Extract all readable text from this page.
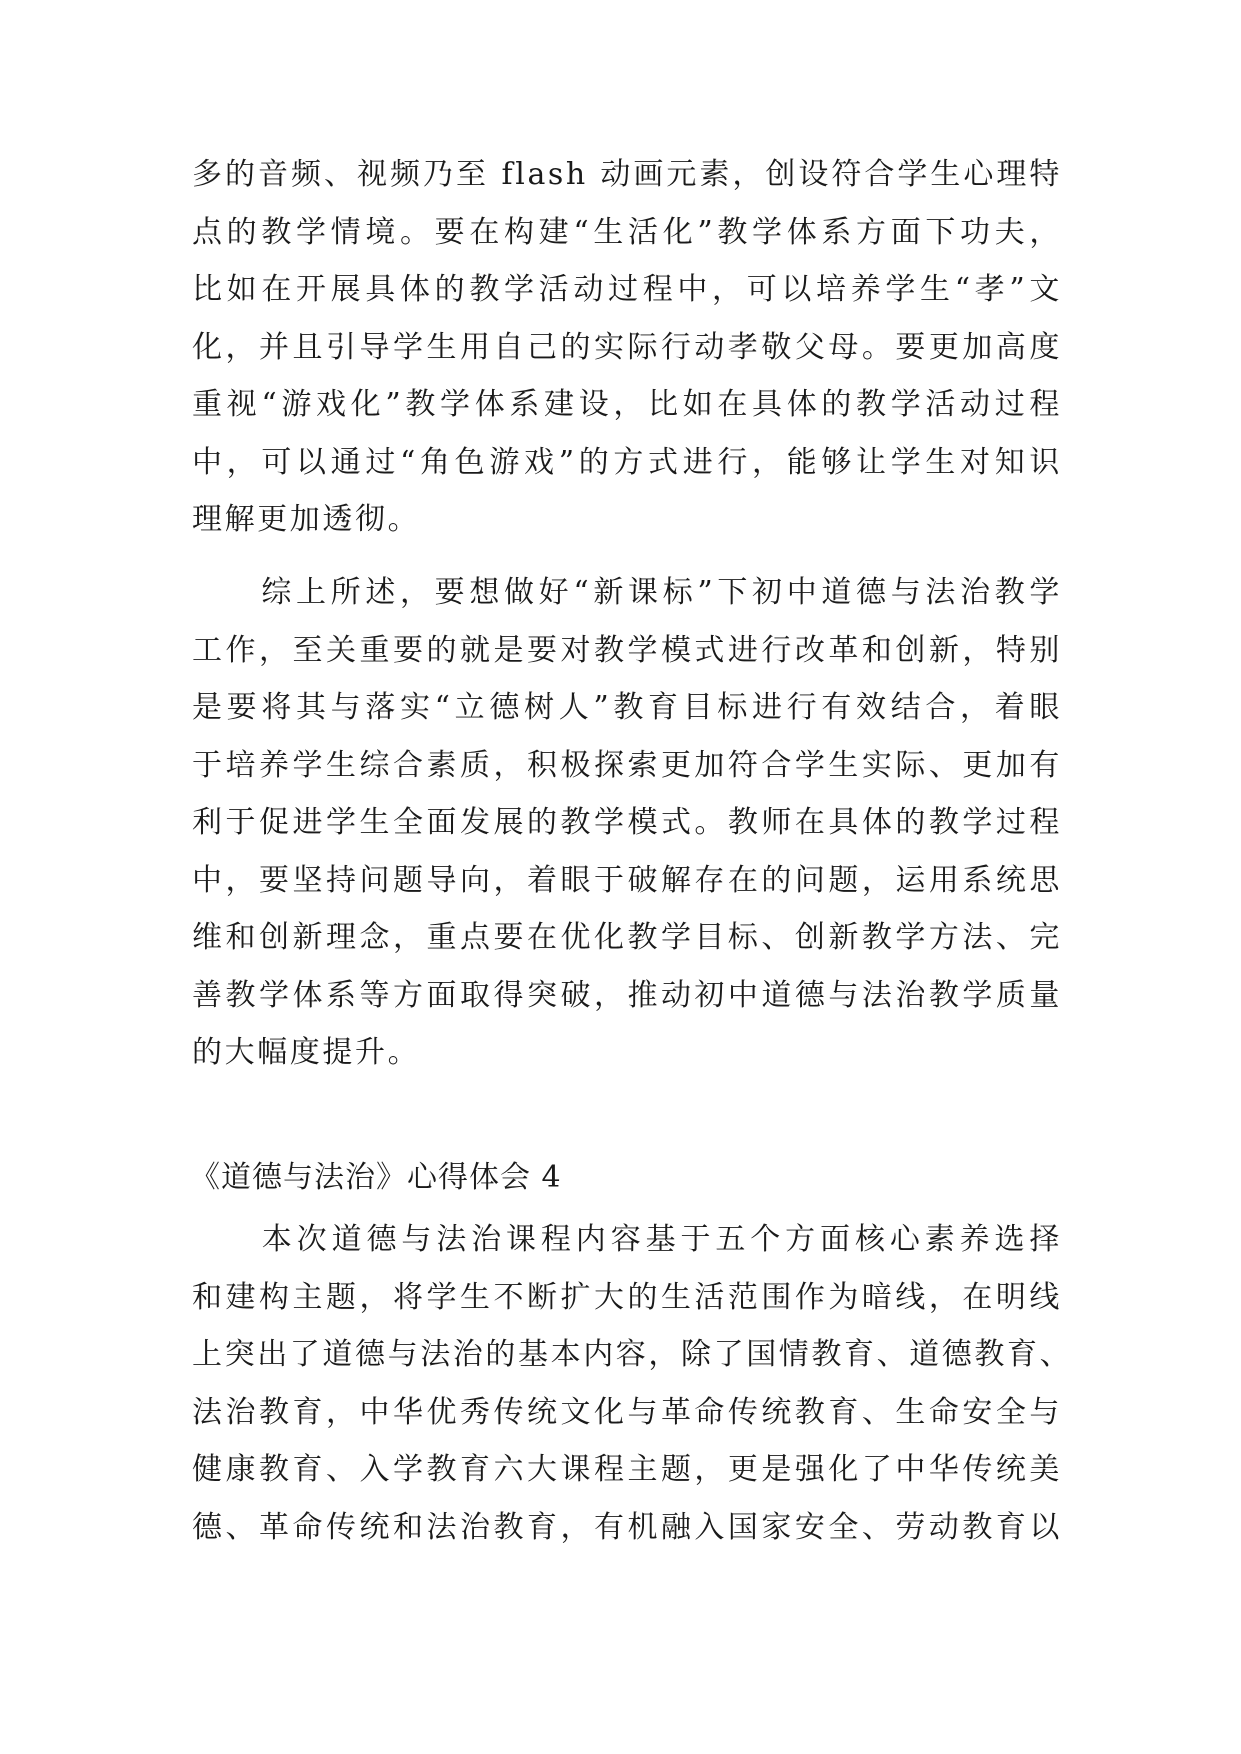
多的音频、视频乃至 flash 动画元素，创设符合学生心理特
点的教学情境。要在构建“生活化”教学体系方面下功夫，
比如在开展具体的教学活动过程中，可以培养学生“孝”文
化，并且引导学生用自己的实际行动孝敬父母。要更加高度
重视“游戏化”教学体系建设，比如在具体的教学活动过程
中，可以通过“角色游戏”的方式进行，能够让学生对知识
理解更加透彻。
　　综上所述，要想做好“新课标”下初中道德与法治教学
工作，至关重要的就是要对教学模式进行改革和创新，特别
是要将其与落实“立德树人”教育目标进行有效结合，着眼
于培养学生综合素质，积极探索更加符合学生实际、更加有
利于促进学生全面发展的教学模式。教师在具体的教学过程
中，要坚持问题导向，着眼于破解存在的问题，运用系统思
维和创新理念，重点要在优化教学目标、创新教学方法、完
善教学体系等方面取得突破，推动初中道德与法治教学质量
的大幅度提升。
《道德与法治》心得体会 4
　　本次道德与法治课程内容基于五个方面核心素养选择
和建构主题，将学生不断扩大的生活范围作为暗线，在明线
上突出了道德与法治的基本内容，除了国情教育、道德教育、
法治教育，中华优秀传统文化与革命传统教育、生命安全与
健康教育、入学教育六大课程主题，更是强化了中华传统美
德、革命传统和法治教育，有机融入国家安全、劳动教育以
